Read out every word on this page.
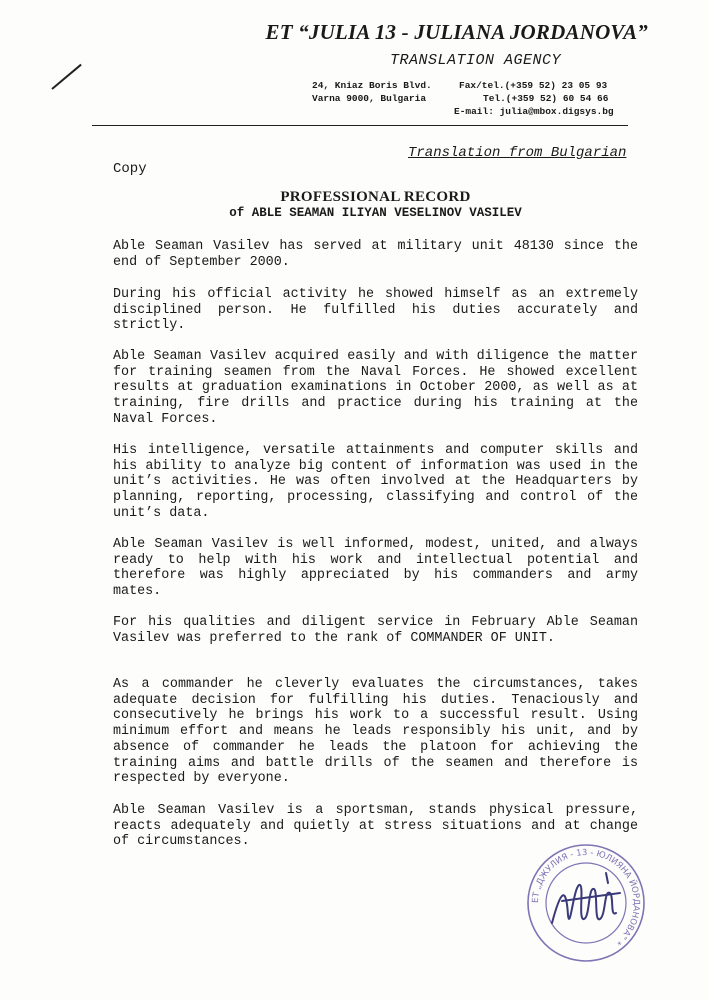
ET “JULIA 13 - JULIANA JORDANOVA”
TRANSLATION AGENCY
24, Kniaz Boris Blvd.
Varna 9000, Bulgaria
Fax/tel.(+359 52) 23 05 93
Tel.(+359 52) 60 54 66
E-mail: julia@mbox.digsys.bg
Translation from Bulgarian
Copy
PROFESSIONAL RECORD
of ABLE SEAMAN ILIYAN VESELINOV VASILEV

Able Seaman Vasilev has served at military unit 48130 since the end of September 2000.

During his official activity he showed himself as an extremely disciplined person. He fulfilled his duties accurately and strictly.

Able Seaman Vasilev acquired easily and with diligence the matter for training seamen from the Naval Forces. He showed excellent results at graduation examinations in October 2000, as well as at training, fire drills and practice during his training at the Naval Forces.

His intelligence, versatile attainments and computer skills and his ability to analyze big content of information was used in the unit’s activities. He was often involved at the Headquarters by planning, reporting, processing, classifying and control of the unit’s data.

Able Seaman Vasilev is well informed, modest, united, and always ready to help with his work and intellectual potential and therefore was highly appreciated by his commanders and army mates.

For his qualities and diligent service in February Able Seaman Vasilev was preferred to the rank of COMMANDER OF UNIT.

As a commander he cleverly evaluates the circumstances, takes adequate decision for fulfilling his duties. Tenaciously and consecutively he brings his work to a successful result. Using minimum effort and means he leads responsibly his unit, and by absence of commander he leads the platoon for achieving the training aims and battle drills of the seamen and therefore is respected by everyone.

Able Seaman Vasilev is a sportsman, stands physical pressure, reacts adequately and quietly at stress situations and at change of circumstances.

ЕТ „ДЖУЛИЯ - 13 - ЮЛИЯНА ЙОРДАНОВА“ *
